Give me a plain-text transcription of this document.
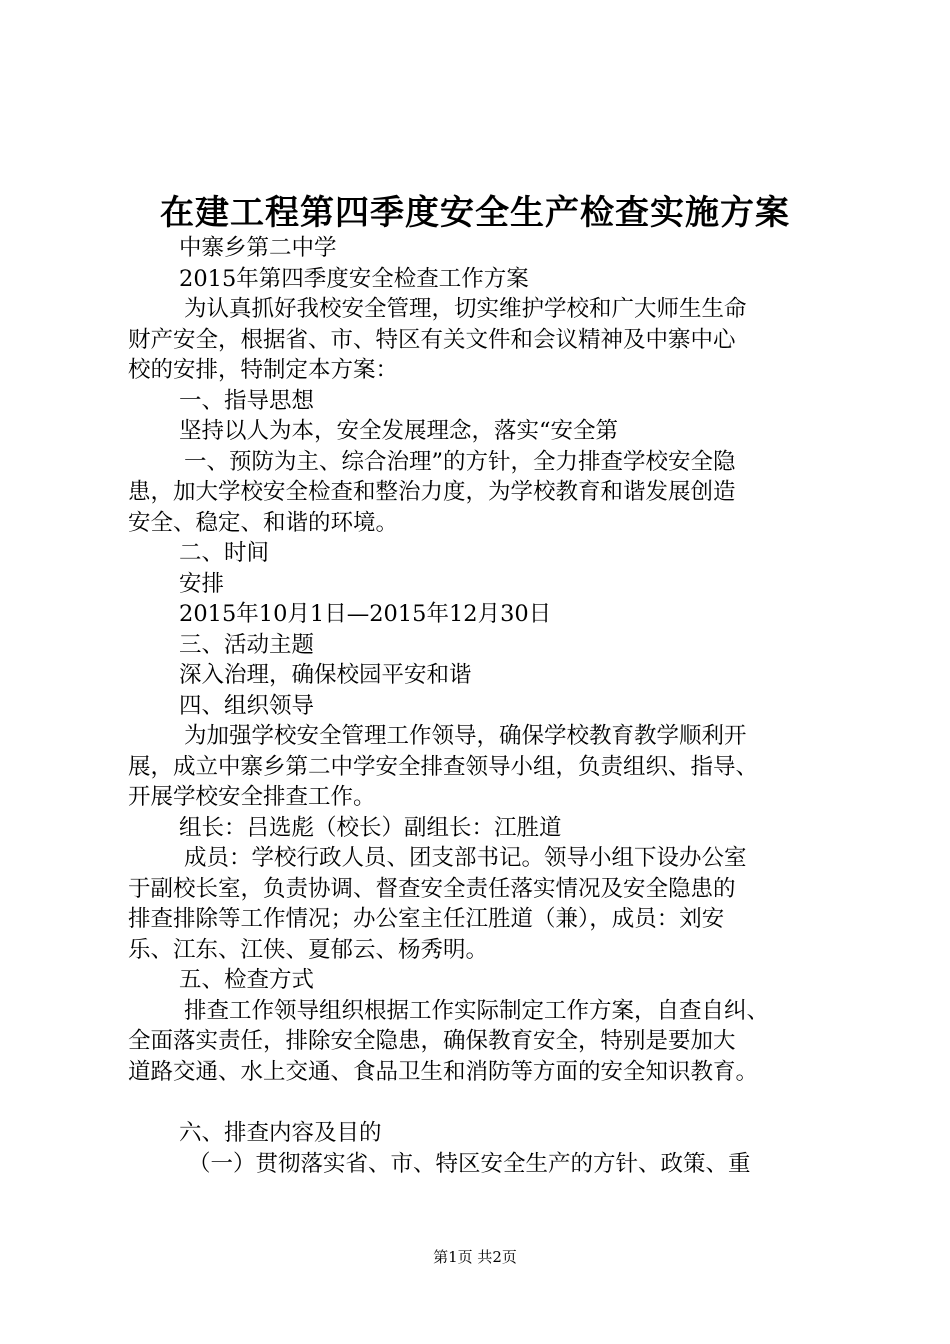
在建工程第四季度安全生产检查实施方案
中寨乡第二中学
2015年第四季度安全检查工作方案
为认真抓好我校安全管理，切实维护学校和广大师生生命
财产安全，根据省、市、特区有关文件和会议精神及中寨中心
校的安排，特制定本方案：
一、指导思想
坚持以人为本，安全发展理念，落实“安全第
一、预防为主、综合治理”的方针，全力排查学校安全隐
患，加大学校安全检查和整治力度，为学校教育和谐发展创造
安全、稳定、和谐的环境。
二、时间
安排
2015年10月1日—2015年12月30日
三、活动主题
深入治理，确保校园平安和谐
四、组织领导
为加强学校安全管理工作领导，确保学校教育教学顺利开
展，成立中寨乡第二中学安全排查领导小组，负责组织、指导、
开展学校安全排查工作。
组长：吕选彪（校长）副组长：江胜道
成员：学校行政人员、团支部书记。领导小组下设办公室
于副校长室，负责协调、督查安全责任落实情况及安全隐患的
排查排除等工作情况；办公室主任江胜道（兼），成员：刘安
乐、江东、江侠、夏郁云、杨秀明。
五、检查方式
排查工作领导组织根据工作实际制定工作方案，自查自纠、
全面落实责任，排除安全隐患，确保教育安全，特别是要加大
道路交通、水上交通、食品卫生和消防等方面的安全知识教育。
六、排查内容及目的
（一）贯彻落实省、市、特区安全生产的方针、政策、重
第1页 共2页
